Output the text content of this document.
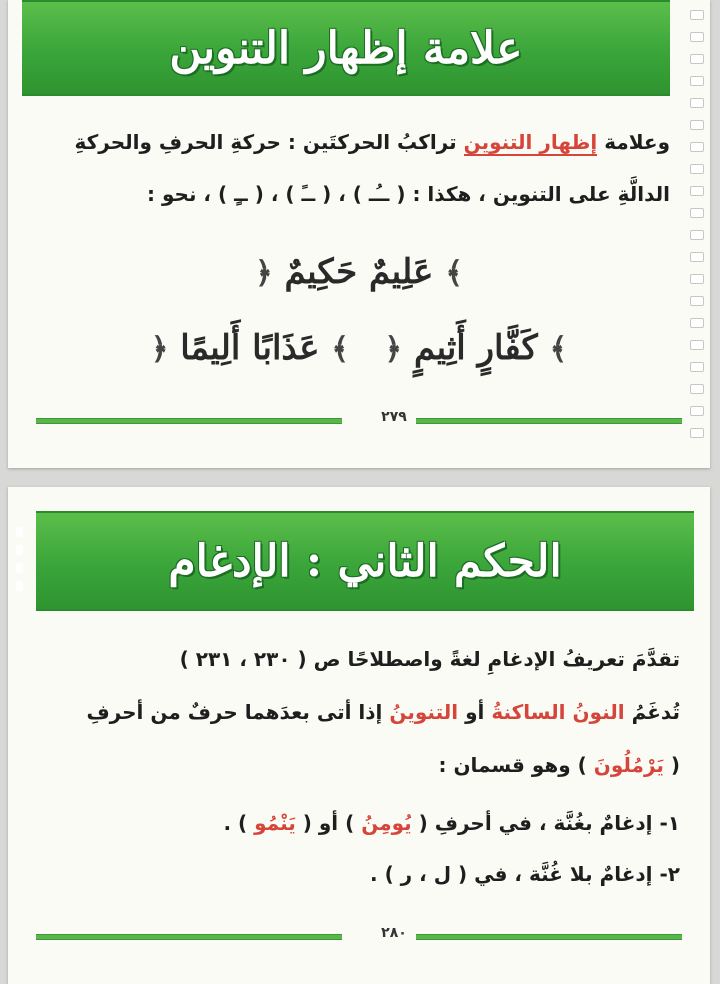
علامة إظهار التنوين
وعلامة إظهار التنوين تراكبُ الحركتَين : حركةِ الحرفِ والحركةِ
الدالَّةِ على التنوين ، هكذا : ( ــُـ ) ، ( ــً ) ، ( ــٍ ) ، نحو :
﴾ عَلِيمٌ حَكِيمٌ ﴿
﴾ كَفَّارٍ أَثِيمٍ ﴿   ﴾ عَذَابًا أَلِيمًا ﴿
٢٧٩
الحكم الثاني : الإدغام
تقدَّمَ تعريفُ الإدغامِ لغةً واصطلاحًا ص ( ٢٣٠ ، ٢٣١ )
تُدغَمُ النونُ الساكنةُ أو التنوينُ إذا أتى بعدَهما حرفٌ من أحرفِ
( يَرْمُلُونَ ) وهو قسمان :
١- إدغامٌ بغُنَّة ، في أحرفِ ( يُومِنُ ) أو ( يَنْمُو ) .
٢- إدغامٌ بلا غُنَّة ، في ( ل ، ر ) .
٢٨٠
